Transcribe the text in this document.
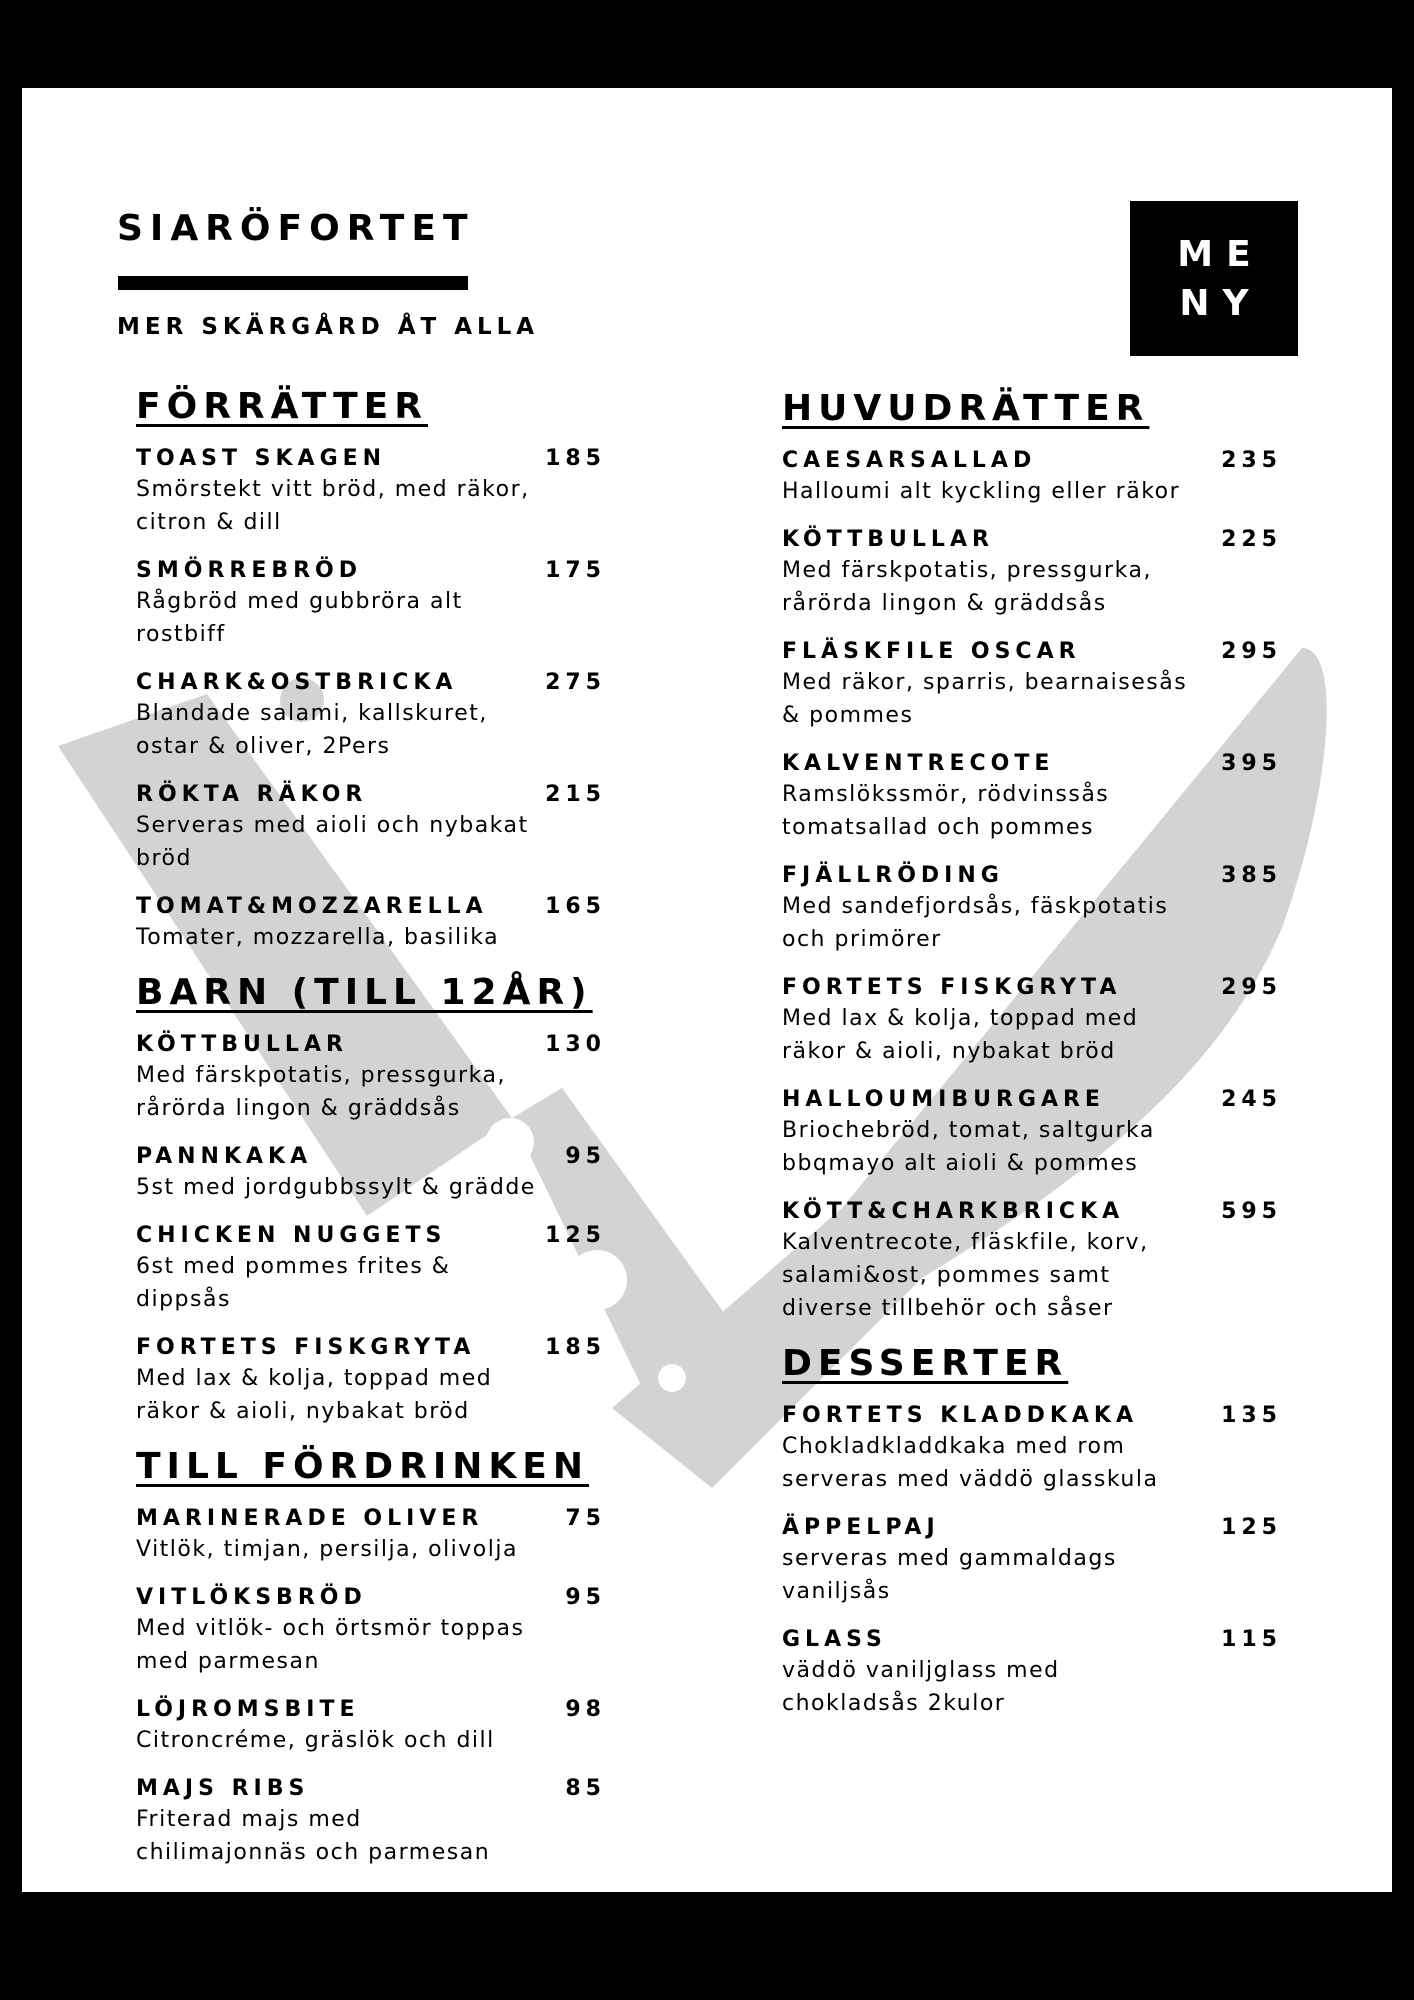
SIARÖFORTET
MER SKÄRGÅRD ÅT ALLA
MENY
FÖRRÄTTER
TOAST SKAGEN	185
Smörstekt vitt bröd, med räkor, citron & dill
SMÖRREBRÖD	175
Rågbröd med gubbröra alt rostbiff
CHARK&OSTBRICKA	275
Blandade salami, kallskuret, ostar & oliver, 2Pers
RÖKTA RÄKOR	215
Serveras med aioli och nybakat bröd
TOMAT&MOZZARELLA	165
Tomater, mozzarella, basilika
BARN (TILL 12ÅR)
KÖTTBULLAR	130
Med färskpotatis, pressgurka, rårörda lingon & gräddsås
PANNKAKA	95
5st med jordgubbssylt & grädde
CHICKEN NUGGETS	125
6st med pommes frites & dippsås
FORTETS FISKGRYTA	185
Med lax & kolja, toppad med räkor & aioli, nybakat bröd
TILL FÖRDRINKEN
MARINERADE OLIVER	75
Vitlök, timjan, persilja, olivolja
VITLÖKSBRÖD	95
Med vitlök- och örtsmör toppas med parmesan
LÖJROMSBITE	98
Citroncréme, gräslök och dill
MAJS RIBS	85
Friterad majs med chilimajonnäs och parmesan
HUVUDRÄTTER
CAESARSALLAD	235
Halloumi alt kyckling eller räkor
KÖTTBULLAR	225
Med färskpotatis, pressgurka, rårörda lingon & gräddsås
FLÄSKFILE OSCAR	295
Med räkor, sparris, bearnaisesås & pommes
KALVENTRECOTE	395
Ramslökssmör, rödvinssås tomatsallad och pommes
FJÄLLRÖDING	385
Med sandefjordsås, fäskpotatis och primörer
FORTETS FISKGRYTA	295
Med lax & kolja, toppad med räkor & aioli, nybakat bröd
HALLOUMIBURGARE	245
Briochebröd, tomat, saltgurka bbqmayo alt aioli & pommes
KÖTT&CHARKBRICKA	595
Kalventrecote, fläskfile, korv, salami&ost, pommes samt diverse tillbehör och såser
DESSERTER
FORTETS KLADDKAKA	135
Chokladkladdkaka med rom serveras med väddö glasskula
ÄPPELPAJ	125
serveras med gammaldags vaniljsås
GLASS	115
väddö vaniljglass med chokladsås 2kulor
